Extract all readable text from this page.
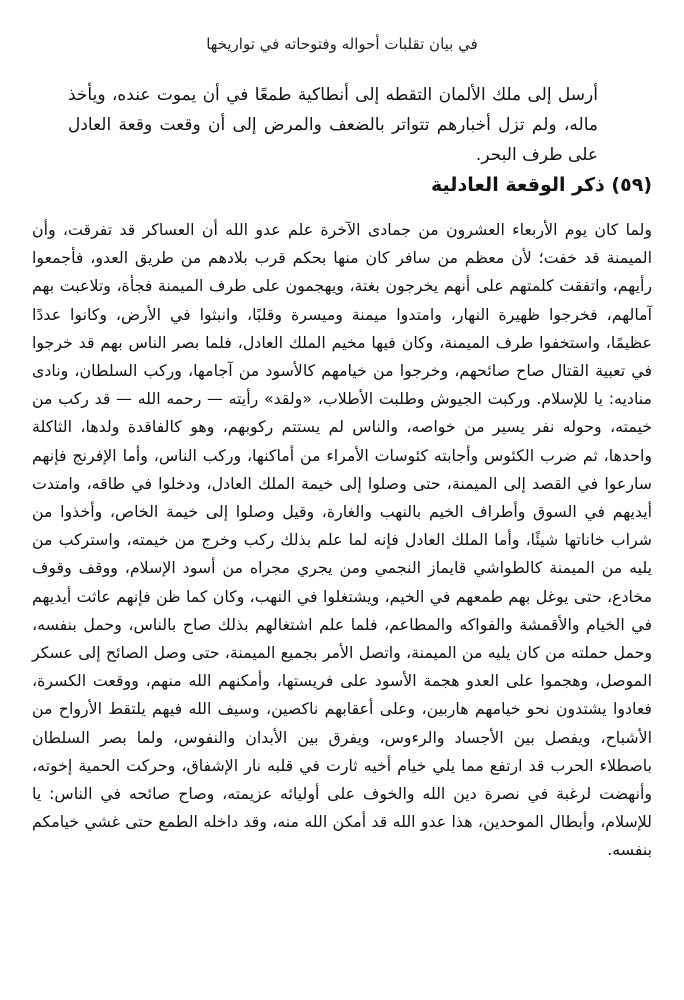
في بيان تقلبات أحواله وفتوحاته في تواريخها

أرسل إلى ملك الألمان التقطه إلى أنطاكية طمعًا في أن يموت عنده، ويأخذ ماله، ولم تزل أخبارهم تتواتر بالضعف والمرض إلى أن وقعت وقعة العادل على طرف البحر.

(٥٩) ذكر الوقعة العادلية

ولما كان يوم الأربعاء العشرون من جمادى الآخرة علم عدو الله أن العساكر قد تفرقت، وأن الميمنة قد خفت؛ لأن معظم من سافر كان منها بحكم قرب بلادهم من طريق العدو، فأجمعوا رأيهم، واتفقت كلمتهم على أنهم يخرجون بغتة، ويهجمون على طرف الميمنة فجأة، وتلاعبت بهم آمالهم، فخرجوا ظهيرة النهار، وامتدوا ميمنة وميسرة وقلبًا، وانبثوا في الأرض، وكانوا عددًا عظيمًا، واستخفوا طرف الميمنة، وكان فيها مخيم الملك العادل، فلما بصر الناس بهم قد خرجوا في تعبية القتال صاح صائحهم، وخرجوا من خيامهم كالأسود من آجامها، وركب السلطان، ونادى مناديه: يا للإسلام. وركبت الجيوش وطلبت الأطلاب، «ولقد» رأيته — رحمه الله — قد ركب من خيمته، وحوله نفر يسير من خواصه، والناس لم يستتم ركوبهم، وهو كالفاقدة ولدها، الثاكلة واحدها، ثم ضرب الكئوس وأجابته كئوسات الأمراء من أماكنها، وركب الناس، وأما الإفرنج فإنهم سارعوا في القصد إلى الميمنة، حتى وصلوا إلى خيمة الملك العادل، ودخلوا في طاقه، وامتدت أيديهم في السوق وأطراف الخيم بالنهب والغارة، وقيل وصلوا إلى خيمة الخاص، وأخذوا من شراب خاناتها شيئًا، وأما الملك العادل فإنه لما علم بذلك ركب وخرج من خيمته، واستركب من يليه من الميمنة كالطواشي قايماز النجمي ومن يجري مجراه من أسود الإسلام، ووقف وقوف مخادع، حتى يوغل بهم طمعهم في الخيم، ويشتغلوا في النهب، وكان كما ظن فإنهم عاثت أيديهم في الخيام والأقمشة والفواكه والمطاعم، فلما علم اشتغالهم بذلك صاح بالناس، وحمل بنفسه، وحمل حملته من كان يليه من الميمنة، واتصل الأمر بجميع الميمنة، حتى وصل الصائح إلى عسكر الموصل، وهجموا على العدو هجمة الأسود على فريستها، وأمكنهم الله منهم، ووقعت الكسرة، فعادوا يشتدون نحو خيامهم هاربين، وعلى أعقابهم ناكصين، وسيف الله فيهم يلتقط الأرواح من الأشباح، ويفصل بين الأجساد والرءوس، ويفرق بين الأبدان والنفوس، ولما بصر السلطان باصطلاء الحرب قد ارتفع مما يلي خيام أخيه ثارت في قلبه نار الإشفاق، وحركت الحمية إخوته، وأنهضت لرغبة في نصرة دين الله والخوف على أوليائه عزيمته، وصاح صائحه في الناس: يا للإسلام، وأبطال الموحدين، هذا عدو الله قد أمكن الله منه، وقد داخله الطمع حتى غشي خيامكم بنفسه.
